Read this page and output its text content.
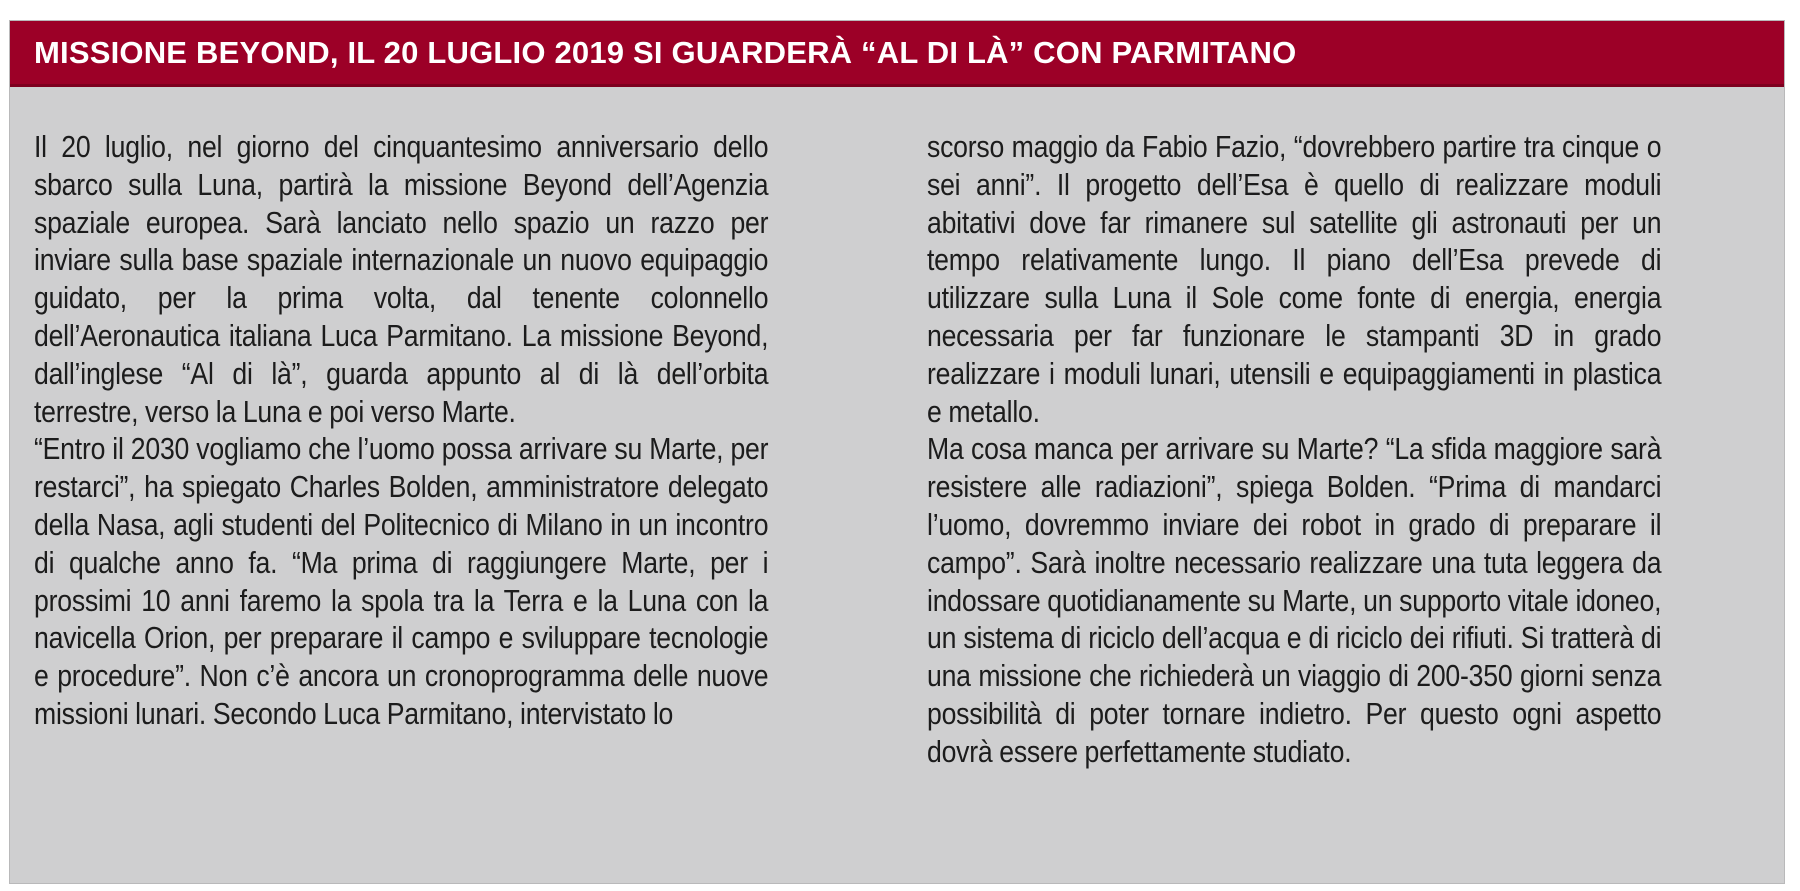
MISSIONE BEYOND, IL 20 LUGLIO 2019 SI GUARDERÀ “AL DI LÀ” CON PARMITANO

Il 20 luglio, nel giorno del cinquantesimo anniversario dello sbarco sulla Luna, partirà la missione Beyond dell’Agenzia spaziale europea. Sarà lanciato nello spazio un razzo per inviare sulla base spaziale internazionale un nuovo equipaggio guidato, per la prima volta, dal tenente colonnello dell’Aeronautica italiana Luca Parmitano. La missione Beyond, dall’inglese “Al di là”, guarda appunto al di là dell’orbita terrestre, verso la Luna e poi verso Marte.

“Entro il 2030 vogliamo che l’uomo possa arrivare su Marte, per restarci”, ha spiegato Charles Bolden, amministratore delegato della Nasa, agli studenti del Politecnico di Milano in un incontro di qualche anno fa. “Ma prima di raggiungere Marte, per i prossimi 10 anni faremo la spola tra la Terra e la Luna con la navicella Orion, per preparare il campo e sviluppare tecnologie e procedure”. Non c’è ancora un cronoprogramma delle nuove missioni lunari. Secondo Luca Parmitano, intervistato lo

scorso maggio da Fabio Fazio, “dovrebbero partire tra cinque o sei anni”. Il progetto dell’Esa è quello di realizzare moduli abitativi dove far rimanere sul satellite gli astronauti per un tempo relativamente lungo. Il piano dell’Esa prevede di utilizzare sulla Luna il Sole come fonte di energia, energia necessaria per far funzionare le stampanti 3D in grado realizzare i moduli lunari, utensili e equipaggiamenti in plastica e metallo.

Ma cosa manca per arrivare su Marte? “La sfida maggiore sarà resistere alle radiazioni”, spiega Bolden. “Prima di mandarci l’uomo, dovremmo inviare dei robot in grado di preparare il campo”. Sarà inoltre necessario realizzare una tuta leggera da indossare quotidianamente su Marte, un supporto vitale idoneo, un sistema di riciclo dell’acqua e di riciclo dei rifiuti. Si tratterà di una missione che richiederà un viaggio di 200-350 giorni senza possibilità di poter tornare indietro. Per questo ogni aspetto dovrà essere perfettamente studiato.
